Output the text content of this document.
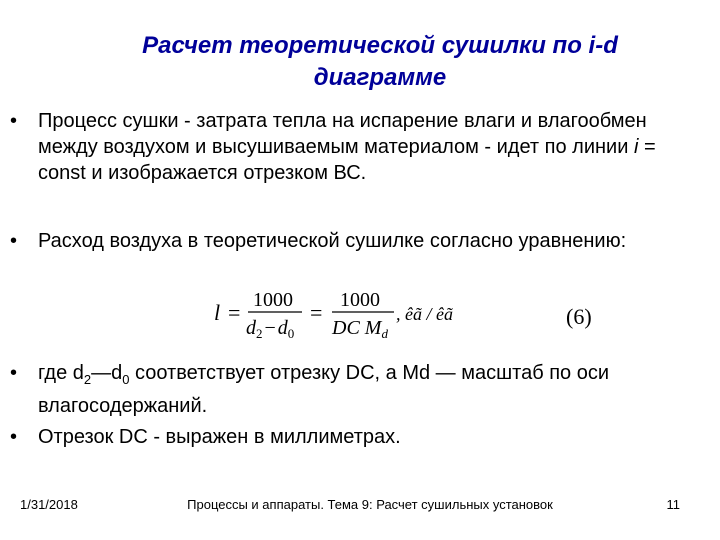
Расчет теоретической сушилки по i-d
диаграмме
•	Процесс сушки - затрата тепла на испарение влаги и влагообмен между воздухом и высушиваемым материалом - идет по линии i = const и изображается отрезком ВС.
•	Расход воздуха в теоретической сушилке согласно уравнению:
l = 1000
$d_2 - d_0$
= 1000
DC $M_d$
, êã / êã	(6)
•	где $d_2—d_0$ соответствует отрезку DC, а Md — масштаб по оси влагосодержаний.
•	Отрезок DC - выражен в миллиметрах.
1/31/2018	Процессы и аппараты. Тема 9: Расчет сушильных установок	11
